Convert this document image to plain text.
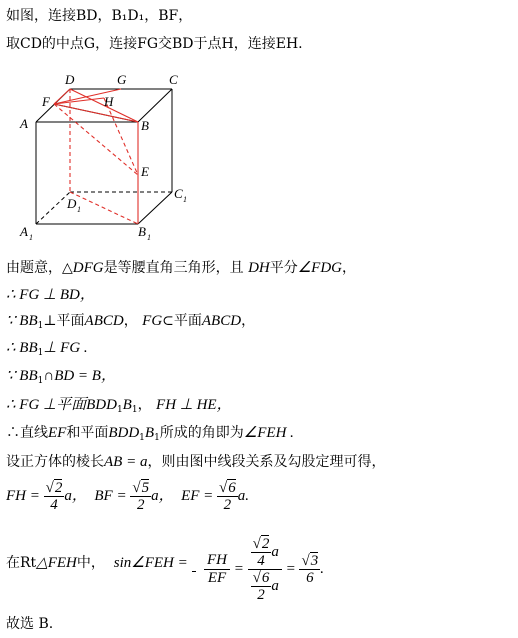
如图，连接BD，B₁D₁，BF，
取CD的中点G，连接FG交BD于点H，连接EH.
D	G	C
F	H
A	B
E
D 1
C 1
A 1	B 1
由题意，△DFG是等腰直角三角形，且 DH平分∠FDG，
∴ FG ⊥ BD，
∵ $BB_1\perp$平面ABCD， FG⊂平面ABCD，
∴ $BB_1\perp$ FG .
∵ $BB_1\cap BD = B$，
∴ FG ⊥平面$BDD_1B_1$， FH ⊥ HE，
∴直线EF和平面$BDD_1B_1$所成的角即为∠FEH .
设正方体的棱长AB = a，则由图中线段关系及勾股定理可得，
FH = $\frac{√2}{4}$ a， BF = $\frac{√5}{2}$ a， EF = $\frac{√6}{2} a$.
在Rt△FEH中， sin∠FEH =	$\frac{FH}{EF} = \frac{\frac{√2}{4} a}{\frac{√6}{2} a} = \frac{√3}{6}$ .
故选 B.
